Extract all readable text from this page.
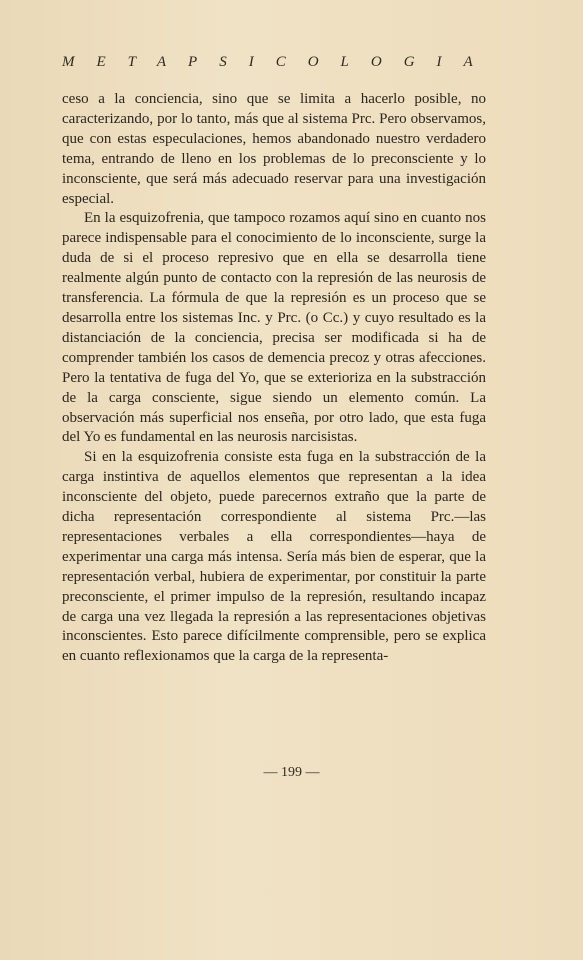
METAPSICOLOGIA

ceso a la conciencia, sino que se limita a hacerlo posible, no caracterizando, por lo tanto, más que al sistema Prc. Pero observamos, que con estas especulaciones, hemos abandonado nuestro verdadero tema, entrando de lleno en los problemas de lo preconsciente y lo inconsciente, que será más adecuado reservar para una investigación especial.

En la esquizofrenia, que tampoco rozamos aquí sino en cuanto nos parece indispensable para el conocimiento de lo inconsciente, surge la duda de si el proceso represivo que en ella se desarrolla tiene realmente algún punto de contacto con la represión de las neurosis de transferencia. La fórmula de que la represión es un proceso que se desarrolla entre los sistemas Inc. y Prc. (o Cc.) y cuyo resultado es la distanciación de la conciencia, precisa ser modificada si ha de comprender también los casos de demencia precoz y otras afecciones. Pero la tentativa de fuga del Yo, que se exterioriza en la substracción de la carga consciente, sigue siendo un elemento común. La observación más superficial nos enseña, por otro lado, que esta fuga del Yo es fundamental en las neurosis narcisistas.

Si en la esquizofrenia consiste esta fuga en la substracción de la carga instintiva de aquellos elementos que representan a la idea inconsciente del objeto, puede parecernos extraño que la parte de dicha representación correspondiente al sistema Prc.—las representaciones verbales a ella correspondientes—haya de experimentar una carga más intensa. Sería más bien de esperar, que la representación verbal, hubiera de experimentar, por constituir la parte preconsciente, el primer impulso de la represión, resultando incapaz de carga una vez llegada la represión a las representaciones objetivas inconscientes. Esto parece difícilmente comprensible, pero se explica en cuanto reflexionamos que la carga de la representa-

— 199 —
